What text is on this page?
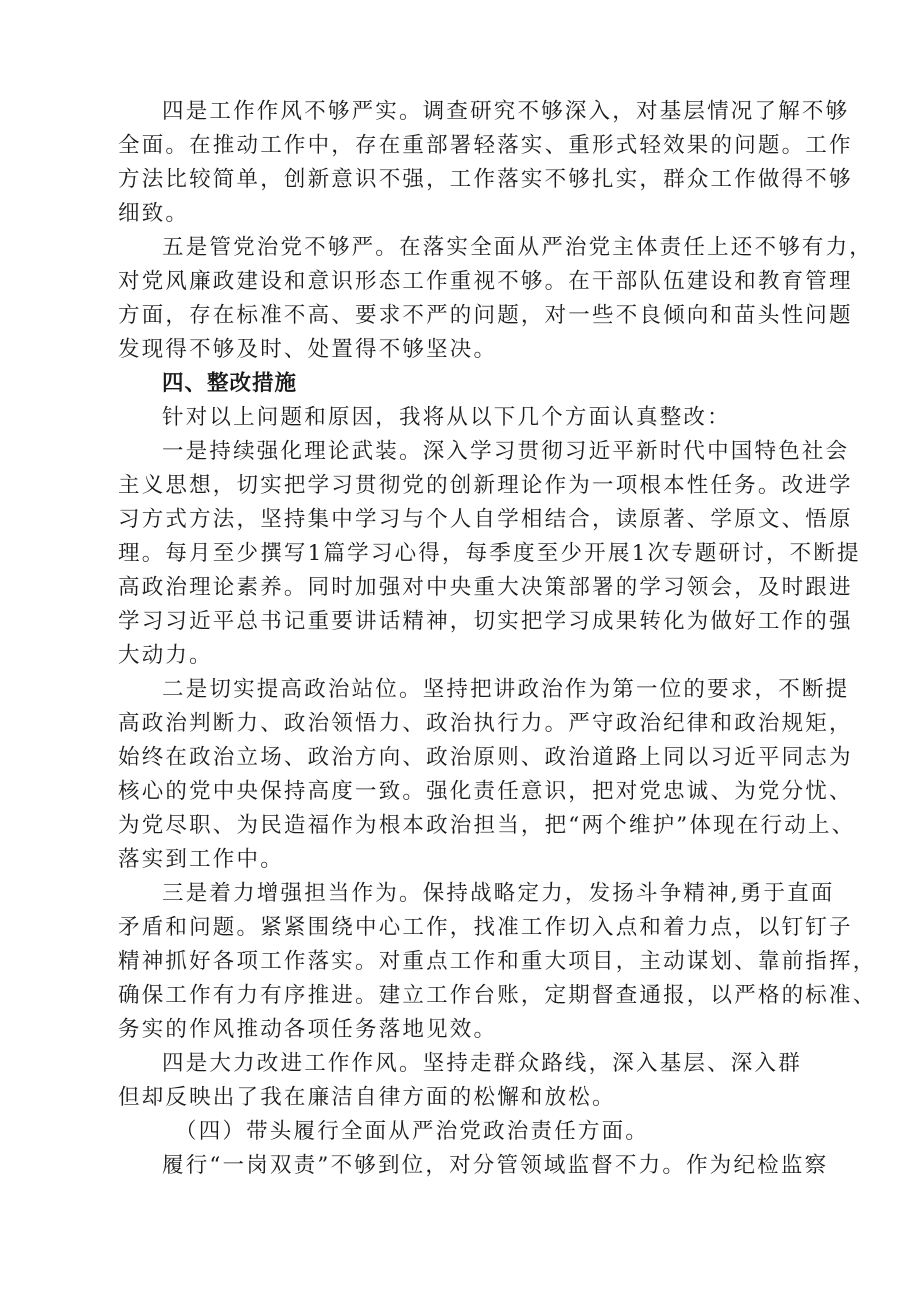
四是工作作风不够严实。调查研究不够深入，对基层情况了解不够
全面。在推动工作中，存在重部署轻落实、重形式轻效果的问题。工作
方法比较简单，创新意识不强，工作落实不够扎实，群众工作做得不够
细致。
五是管党治党不够严。在落实全面从严治党主体责任上还不够有力，
对党风廉政建设和意识形态工作重视不够。在干部队伍建设和教育管理
方面，存在标准不高、要求不严的问题，对一些不良倾向和苗头性问题
发现得不够及时、处置得不够坚决。
四、整改措施
针对以上问题和原因，我将从以下几个方面认真整改：
一是持续强化理论武装。深入学习贯彻习近平新时代中国特色社会
主义思想，切实把学习贯彻党的创新理论作为一项根本性任务。改进学
习方式方法，坚持集中学习与个人自学相结合，读原著、学原文、悟原
理。每月至少撰写1篇学习心得，每季度至少开展1次专题研讨，不断提
高政治理论素养。同时加强对中央重大决策部署的学习领会，及时跟进
学习习近平总书记重要讲话精神，切实把学习成果转化为做好工作的强
大动力。
二是切实提高政治站位。坚持把讲政治作为第一位的要求，不断提
高政治判断力、政治领悟力、政治执行力。严守政治纪律和政治规矩，
始终在政治立场、政治方向、政治原则、政治道路上同以习近平同志为
核心的党中央保持高度一致。强化责任意识，把对党忠诚、为党分忧、
为党尽职、为民造福作为根本政治担当，把“两个维护”体现在行动上、
落实到工作中。
三是着力增强担当作为。保持战略定力，发扬斗争精神,勇于直面
矛盾和问题。紧紧围绕中心工作，找准工作切入点和着力点，以钉钉子
精神抓好各项工作落实。对重点工作和重大项目，主动谋划、靠前指挥，
确保工作有力有序推进。建立工作台账，定期督查通报，以严格的标准、
务实的作风推动各项任务落地见效。
四是大力改进工作作风。坚持走群众路线，深入基层、深入群
但却反映出了我在廉洁自律方面的松懈和放松。
（四）带头履行全面从严治党政治责任方面。
履行“一岗双责”不够到位，对分管领域监督不力。作为纪检监察
